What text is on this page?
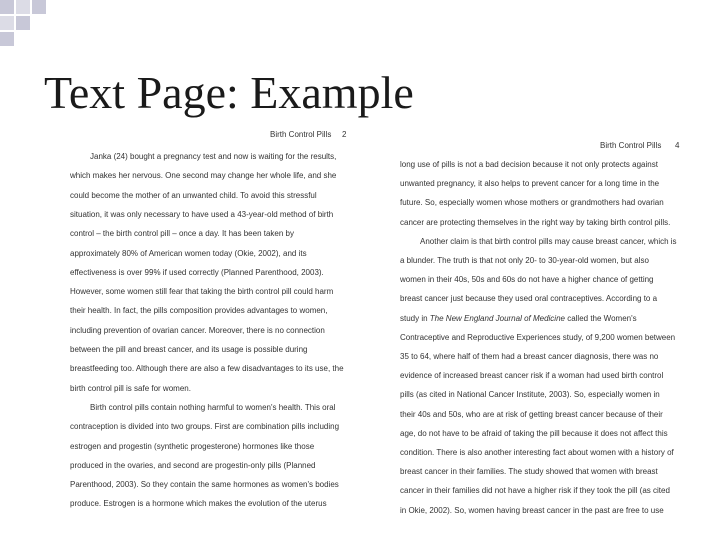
Text Page: Example
Birth Control Pills 2
Janka (24) bought a pregnancy test and now is waiting for the results,
which makes her nervous. One second may change her whole life, and she
could become the mother of an unwanted child. To avoid this stressful
situation, it was only necessary to have used a 43-year-old method of birth
control – the birth control pill – once a day. It has been taken by
approximately 80% of American women today (Okie, 2002), and its
effectiveness is over 99% if used correctly (Planned Parenthood, 2003).
However, some women still fear that taking the birth control pill could harm
their health. In fact, the pills composition provides advantages to women,
including prevention of ovarian cancer. Moreover, there is no connection
between the pill and breast cancer, and its usage is possible during
breastfeeding too. Although there are also a few disadvantages to its use, the
birth control pill is safe for women.
Birth control pills contain nothing harmful to women's health. This oral
contraception is divided into two groups. First are combination pills including
estrogen and progestin (synthetic progesterone) hormones like those
produced in the ovaries, and second are progestin-only pills (Planned
Parenthood, 2003). So they contain the same hormones as women's bodies
produce. Estrogen is a hormone which makes the evolution of the uterus
Birth Control Pills 4
long use of pills is not a bad decision because it not only protects against
unwanted pregnancy, it also helps to prevent cancer for a long time in the
future. So, especially women whose mothers or grandmothers had ovarian
cancer are protecting themselves in the right way by taking birth control pills.
Another claim is that birth control pills may cause breast cancer, which is
a blunder. The truth is that not only 20- to 30-year-old women, but also
women in their 40s, 50s and 60s do not have a higher chance of getting
breast cancer just because they used oral contraceptives. According to a
study in The New England Journal of Medicine called the Women's
Contraceptive and Reproductive Experiences study, of 9,200 women between
35 to 64, where half of them had a breast cancer diagnosis, there was no
evidence of increased breast cancer risk if a woman had used birth control
pills (as cited in National Cancer Institute, 2003). So, especially women in
their 40s and 50s, who are at risk of getting breast cancer because of their
age, do not have to be afraid of taking the pill because it does not affect this
condition. There is also another interesting fact about women with a history of
breast cancer in their families. The study showed that women with breast
cancer in their families did not have a higher risk if they took the pill (as cited
in Okie, 2002). So, women having breast cancer in the past are free to use
